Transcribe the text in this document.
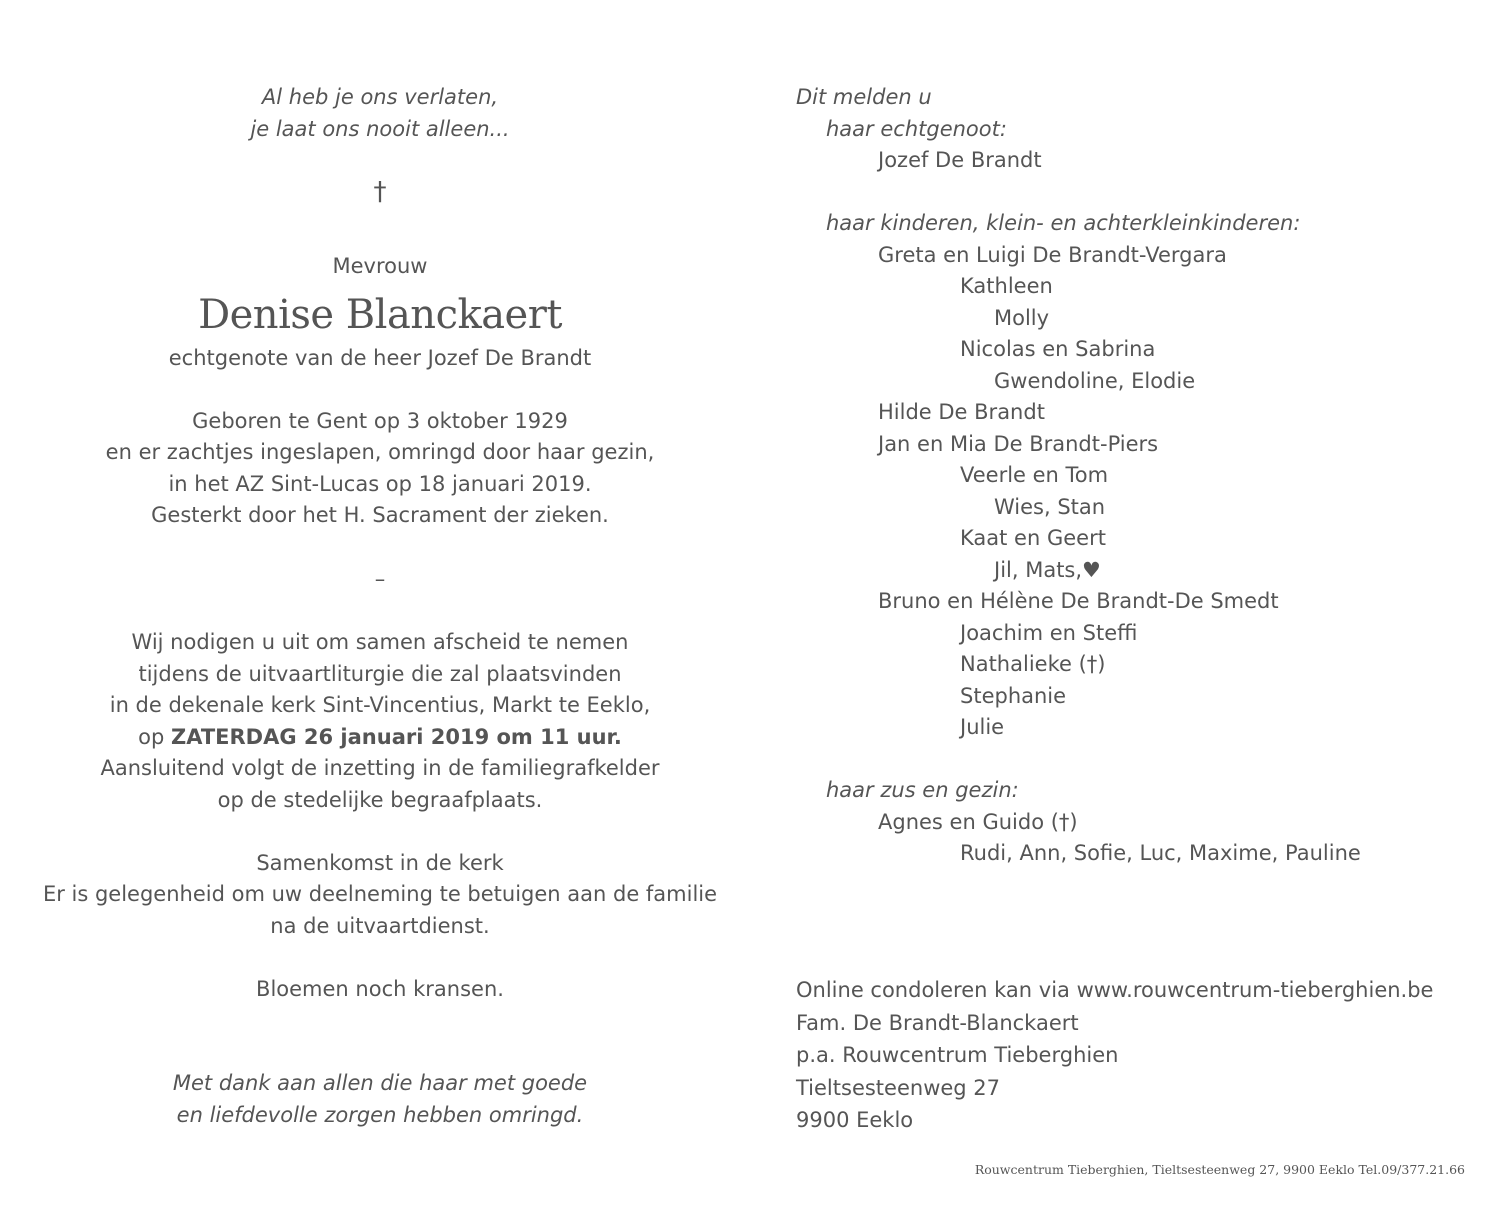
Al heb je ons verlaten,
je laat ons nooit alleen...
†
Mevrouw
Denise Blanckaert
echtgenote van de heer Jozef De Brandt
Geboren te Gent op 3 oktober 1929
en er zachtjes ingeslapen, omringd door haar gezin,
in het AZ Sint-Lucas op 18 januari 2019.
Gesterkt door het H. Sacrament der zieken.
–
Wij nodigen u uit om samen afscheid te nemen
tijdens de uitvaartliturgie die zal plaatsvinden
in de dekenale kerk Sint-Vincentius, Markt te Eeklo,
op ZATERDAG 26 januari 2019 om 11 uur.
Aansluitend volgt de inzetting in de familiegrafkelder
op de stedelijke begraafplaats.
Samenkomst in de kerk
Er is gelegenheid om uw deelneming te betuigen aan de familie
na de uitvaartdienst.
Bloemen noch kransen.
Met dank aan allen die haar met goede
en liefdevolle zorgen hebben omringd.
Dit melden u
haar echtgenoot:
Jozef De Brandt
haar kinderen, klein- en achterkleinkinderen:
Greta en Luigi De Brandt-Vergara
Kathleen
Molly
Nicolas en Sabrina
Gwendoline, Elodie
Hilde De Brandt
Jan en Mia De Brandt-Piers
Veerle en Tom
Wies, Stan
Kaat en Geert
Jil, Mats,♥
Bruno en Hélène De Brandt-De Smedt
Joachim en Steffi
Nathalieke (†)
Stephanie
Julie
haar zus en gezin:
Agnes en Guido (†)
Rudi, Ann, Sofie, Luc, Maxime, Pauline
Online condoleren kan via www.rouwcentrum-tieberghien.be
Fam. De Brandt-Blanckaert
p.a. Rouwcentrum Tieberghien
Tieltsesteenweg 27
9900 Eeklo
Rouwcentrum Tieberghien, Tieltsesteenweg 27, 9900 Eeklo Tel.09/377.21.66
